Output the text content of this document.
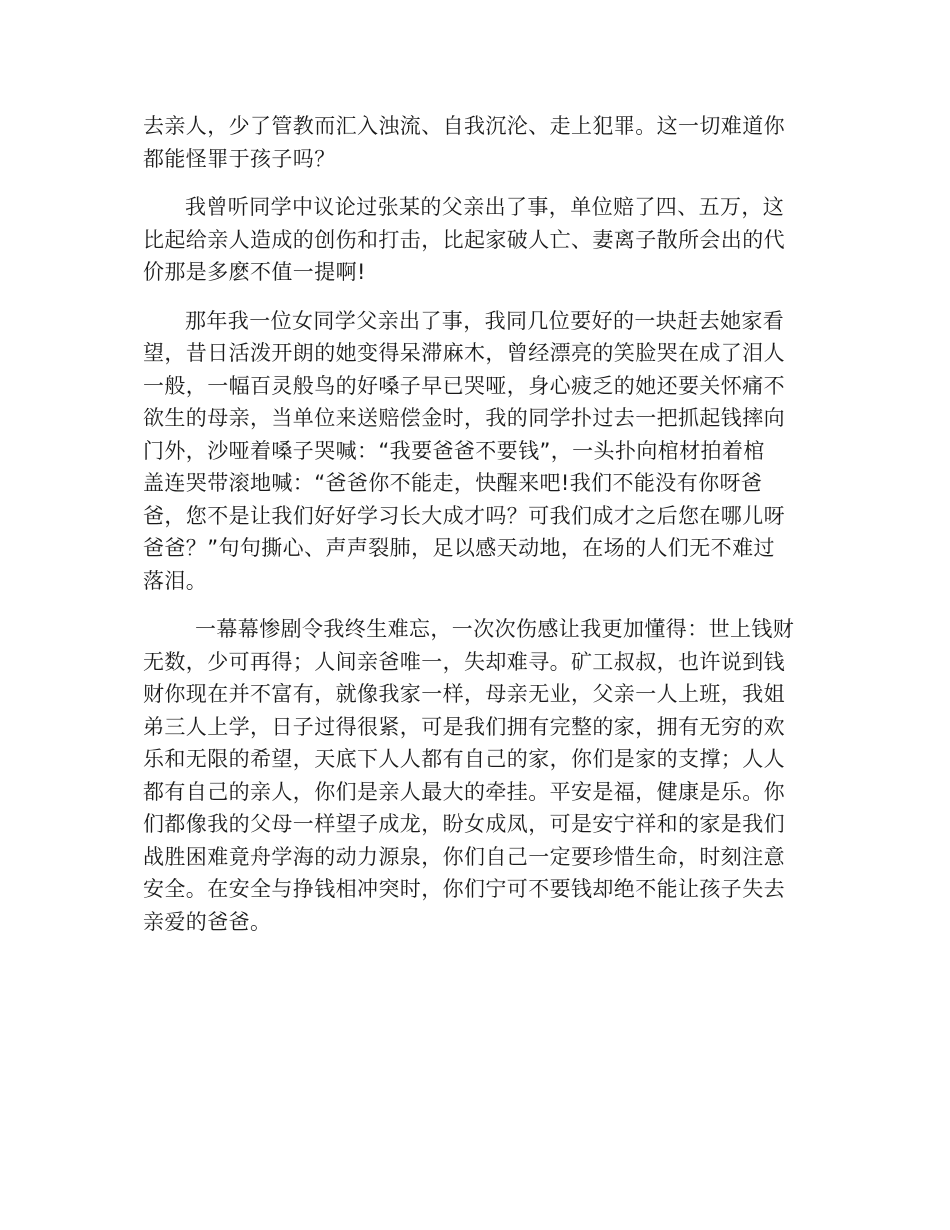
去亲人，少了管教而汇入浊流、自我沉沦、走上犯罪。这一切难道你
都能怪罪于孩子吗？

我曾听同学中议论过张某的父亲出了事，单位赔了四、五万，这
比起给亲人造成的创伤和打击，比起家破人亡、妻离子散所会出的代
价那是多麽不值一提啊!

那年我一位女同学父亲出了事，我同几位要好的一块赶去她家看
望，昔日活泼开朗的她变得呆滞麻木，曾经漂亮的笑脸哭在成了泪人
一般，一幅百灵般鸟的好嗓子早已哭哑，身心疲乏的她还要关怀痛不
欲生的母亲，当单位来送赔偿金时，我的同学扑过去一把抓起钱摔向
门外，沙哑着嗓子哭喊：“我要爸爸不要钱”，一头扑向棺材拍着棺
盖连哭带滚地喊：“爸爸你不能走，快醒来吧!我们不能没有你呀爸
爸，您不是让我们好好学习长大成才吗？可我们成才之后您在哪儿呀
爸爸？”句句撕心、声声裂肺，足以感天动地，在场的人们无不难过
落泪。

一幕幕惨剧令我终生难忘，一次次伤感让我更加懂得：世上钱财
无数，少可再得；人间亲爸唯一，失却难寻。矿工叔叔，也许说到钱
财你现在并不富有，就像我家一样，母亲无业，父亲一人上班，我姐
弟三人上学，日子过得很紧，可是我们拥有完整的家，拥有无穷的欢
乐和无限的希望，天底下人人都有自己的家，你们是家的支撑；人人
都有自己的亲人，你们是亲人最大的牵挂。平安是福，健康是乐。你
们都像我的父母一样望子成龙，盼女成凤，可是安宁祥和的家是我们
战胜困难竟舟学海的动力源泉，你们自己一定要珍惜生命，时刻注意
安全。在安全与挣钱相冲突时，你们宁可不要钱却绝不能让孩子失去
亲爱的爸爸。
